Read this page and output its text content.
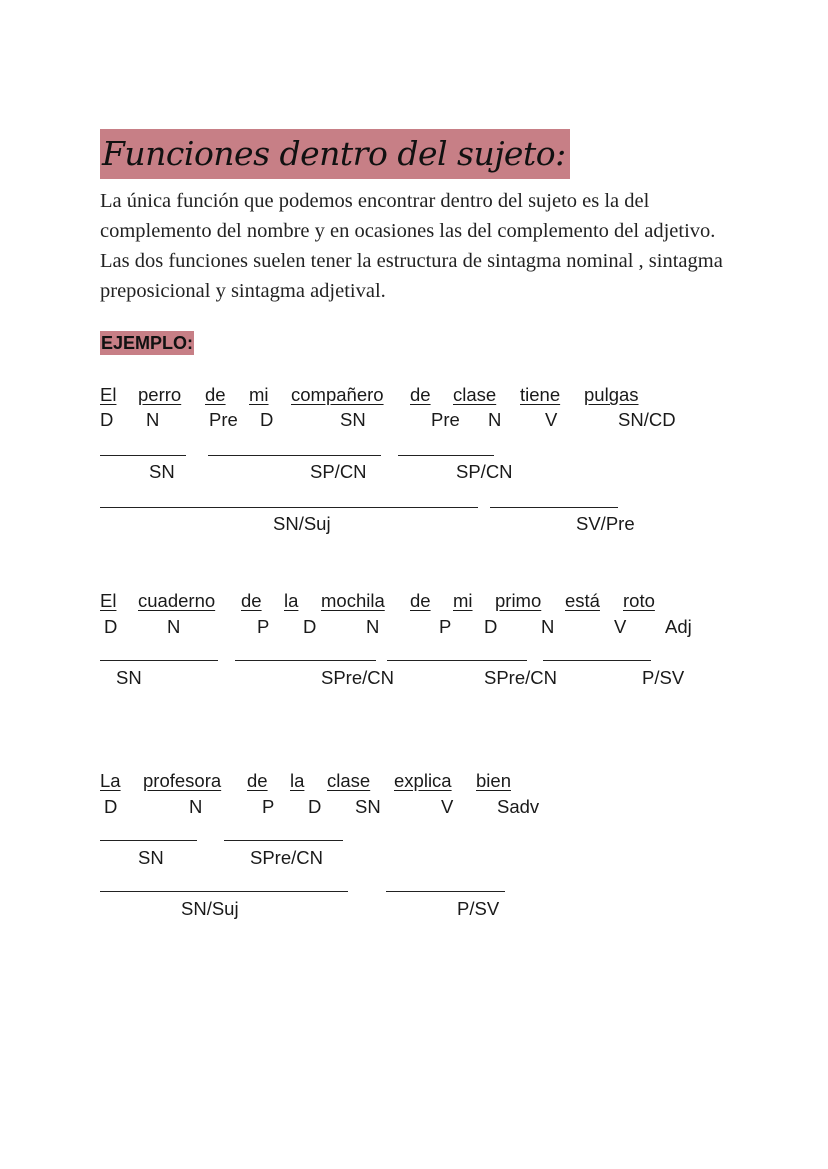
Funciones dentro del sujeto:

La única función que podemos encontrar dentro del sujeto es la del complemento del nombre y en ocasiones las del complemento del adjetivo. Las dos funciones suelen tener la estructura de sintagma nominal , sintagma preposicional y sintagma adjetival.

EJEMPLO:
El perro de mi compañero de clase tiene pulgas
D N	Pre D	SN	Pre N V	SN/CD
SN	SP/CN	SP/CN
SN/Suj	SV/Pre
El cuaderno de la mochila de mi primo está roto
D	N	P D	N	P D N	V Adj
SN	SPre/CN	SPre/CN	P/SV
La profesora de la clase explica bien
D	N	P D SN	V Sadv
SN	SPre/CN
SN/Suj	P/SV
